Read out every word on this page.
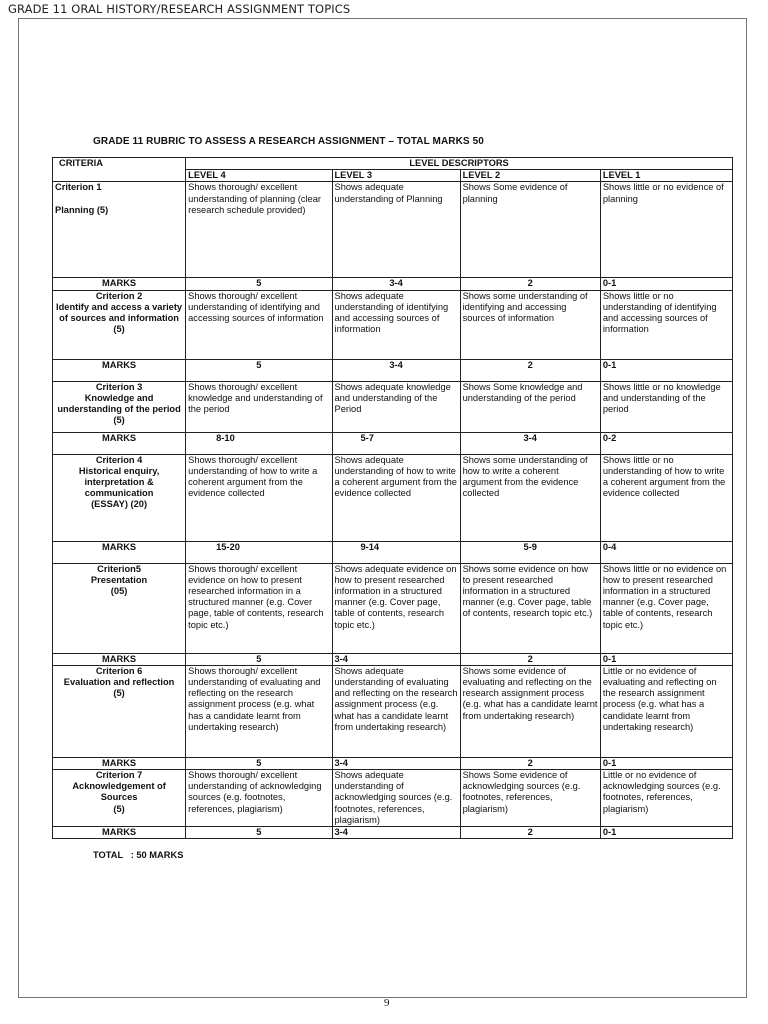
GRADE 11 ORAL HISTORY/RESEARCH ASSIGNMENT TOPICS
GRADE 11 RUBRIC TO ASSESS A RESEARCH ASSIGNMENT – TOTAL MARKS 50
CRITERIA	LEVEL DESCRIPTORS			
	LEVEL 4	LEVEL 3	LEVEL 2	LEVEL 1
Criterion 1

Planning (5)	Shows thorough/ excellent understanding of planning (clear research schedule provided)	Shows adequate understanding of Planning	Shows Some evidence of planning	Shows little or no evidence of planning
MARKS	5	3-4	2	0-1
Criterion 2
Identify and access a variety of sources and information (5)	Shows thorough/ excellent understanding of identifying and accessing sources of information	Shows adequate understanding of identifying and accessing sources of information	Shows some understanding of identifying and accessing sources of information	Shows little or no understanding of identifying and accessing sources of information
MARKS	5	3-4	2	0-1
Criterion 3
Knowledge and understanding of the period (5)	Shows thorough/ excellent knowledge and understanding of the period	Shows adequate knowledge and understanding of the Period	Shows Some knowledge and understanding of the period	Shows little or no knowledge and understanding of the period
MARKS	8-10	5-7	3-4	0-2
Criterion 4
Historical enquiry, interpretation & communication
(ESSAY) (20)	Shows thorough/ excellent understanding of how to write a coherent argument from the evidence collected	Shows adequate understanding of how to write a coherent argument from the evidence collected	Shows some understanding of how to write a coherent argument from the evidence collected	Shows little or no understanding of how to write a coherent argument from the evidence collected
MARKS	15-20	9-14	5-9	0-4
Criterion5
Presentation
(05)	Shows thorough/ excellent evidence on how to present researched information in a structured manner (e.g. Cover page, table of contents, research topic etc.)	Shows adequate evidence on how to present researched information in a structured manner (e.g. Cover page, table of contents, research topic etc.)	Shows some evidence on how to present researched information in a structured manner (e.g. Cover page, table of contents, research topic etc.)	Shows little or no evidence on how to present researched information in a structured manner (e.g. Cover page, table of contents, research topic etc.)
MARKS	5	3-4	2	0-1
Criterion 6
Evaluation and reflection
(5)	Shows thorough/ excellent understanding of evaluating and reflecting on the research assignment process (e.g. what has a candidate learnt from undertaking research)	Shows adequate understanding of evaluating and reflecting on the research assignment process (e.g. what has a candidate learnt from undertaking research)	Shows some evidence of evaluating and reflecting on the research assignment process (e.g. what has a candidate learnt from undertaking research)	Little or no evidence of evaluating and reflecting on the research assignment process (e.g. what has a candidate learnt from undertaking research)
MARKS	5	3-4	2	0-1
Criterion 7
Acknowledgement of Sources
(5)	Shows thorough/ excellent understanding of acknowledging sources (e.g. footnotes, references, plagiarism)	Shows adequate understanding of acknowledging sources (e.g. footnotes, references, plagiarism)	Shows Some evidence of acknowledging sources (e.g. footnotes, references, plagiarism)	Little or no evidence of acknowledging sources (e.g. footnotes, references, plagiarism)
MARKS	5	3-4	2	0-1
TOTAL   : 50 MARKS
9
